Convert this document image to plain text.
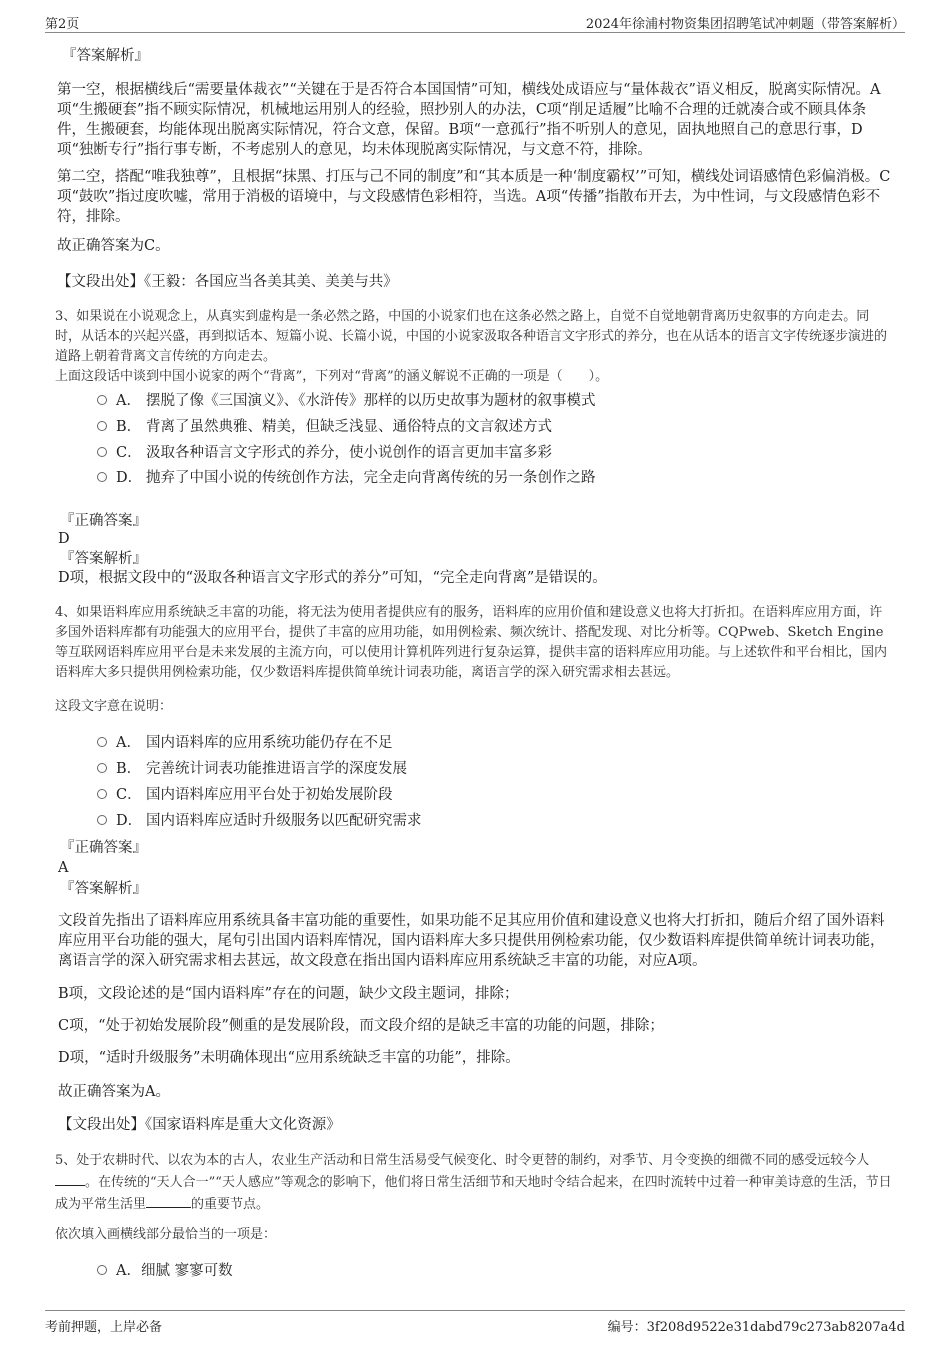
第2页	2024年徐浦村物资集团招聘笔试冲刺题（带答案解析）

『答案解析』

第一空，根据横线后“需要量体裁衣”“关键在于是否符合本国国情”可知，横线处成语应与“量体裁衣”语义相反，脱离实际情况。A项“生搬硬套”指不顾实际情况，机械地运用别人的经验，照抄别人的办法，C项“削足适履”比喻不合理的迁就凑合或不顾具体条件，生搬硬套，均能体现出脱离实际情况，符合文意，保留。B项“一意孤行”指不听别人的意见，固执地照自己的意思行事，D项“独断专行”指行事专断，不考虑别人的意见，均未体现脱离实际情况，与文意不符，排除。

第二空，搭配“唯我独尊”，且根据“抹黑、打压与己不同的制度”和“其本质是一种‘制度霸权’”可知，横线处词语感情色彩偏消极。C项“鼓吹”指过度吹嘘，常用于消极的语境中，与文段感情色彩相符，当选。A项“传播”指散布开去，为中性词，与文段感情色彩不符，排除。

故正确答案为C。

【文段出处】《王毅：各国应当各美其美、美美与共》

3、如果说在小说观念上，从真实到虚构是一条必然之路，中国的小说家们也在这条必然之路上，自觉不自觉地朝背离历史叙事的方向走去。同时，从话本的兴起兴盛，再到拟话本、短篇小说、长篇小说，中国的小说家汲取各种语言文字形式的养分，也在从话本的语言文字传统逐步演进的道路上朝着背离文言传统的方向走去。

上面这段话中谈到中国小说家的两个“背离”，下列对“背离”的涵义解说不正确的一项是（　　）。

A． 摆脱了像《三国演义》、《水浒传》那样的以历史故事为题材的叙事模式
B． 背离了虽然典雅、精美，但缺乏浅显、通俗特点的文言叙述方式
C． 汲取各种语言文字形式的养分，使小说创作的语言更加丰富多彩
D． 抛弃了中国小说的传统创作方法，完全走向背离传统的另一条创作之路

『正确答案』

D

『答案解析』

D项，根据文段中的“汲取各种语言文字形式的养分”可知，“完全走向背离”是错误的。

4、如果语料库应用系统缺乏丰富的功能，将无法为使用者提供应有的服务，语料库的应用价值和建设意义也将大打折扣。在语料库应用方面，许多国外语料库都有功能强大的应用平台，提供了丰富的应用功能，如用例检索、频次统计、搭配发现、对比分析等。CQPweb、Sketch Engine等互联网语料库应用平台是未来发展的主流方向，可以使用计算机阵列进行复杂运算，提供丰富的语料库应用功能。与上述软件和平台相比，国内语料库大多只提供用例检索功能，仅少数语料库提供简单统计词表功能，离语言学的深入研究需求相去甚远。

这段文字意在说明：

A． 国内语料库的应用系统功能仍存在不足
B． 完善统计词表功能推进语言学的深度发展
C． 国内语料库应用平台处于初始发展阶段
D． 国内语料库应适时升级服务以匹配研究需求

『正确答案』

A

『答案解析』

文段首先指出了语料库应用系统具备丰富功能的重要性，如果功能不足其应用价值和建设意义也将大打折扣，随后介绍了国外语料库应用平台功能的强大，尾句引出国内语料库情况，国内语料库大多只提供用例检索功能，仅少数语料库提供简单统计词表功能，离语言学的深入研究需求相去甚远，故文段意在指出国内语料库应用系统缺乏丰富的功能，对应A项。

B项，文段论述的是“国内语料库”存在的问题，缺少文段主题词，排除；

C项，“处于初始发展阶段”侧重的是发展阶段，而文段介绍的是缺乏丰富的功能的问题，排除；

D项，“适时升级服务”未明确体现出“应用系统缺乏丰富的功能”，排除。

故正确答案为A。

【文段出处】《国家语料库是重大文化资源》

5、处于农耕时代、以农为本的古人，农业生产活动和日常生活易受气候变化、时令更替的制约，对季节、月令变换的细微不同的感受远较今人。在传统的“天人合一”“天人感应”等观念的影响下，他们将日常生活细节和天地时令结合起来，在四时流转中过着一种审美诗意的生活，节日成为平常生活里	的重要节点。

依次填入画横线部分最恰当的一项是：

A．细腻 寥寥可数
考前押题，上岸必备	编号：3f208d9522e31dabd79c273ab8207a4d
